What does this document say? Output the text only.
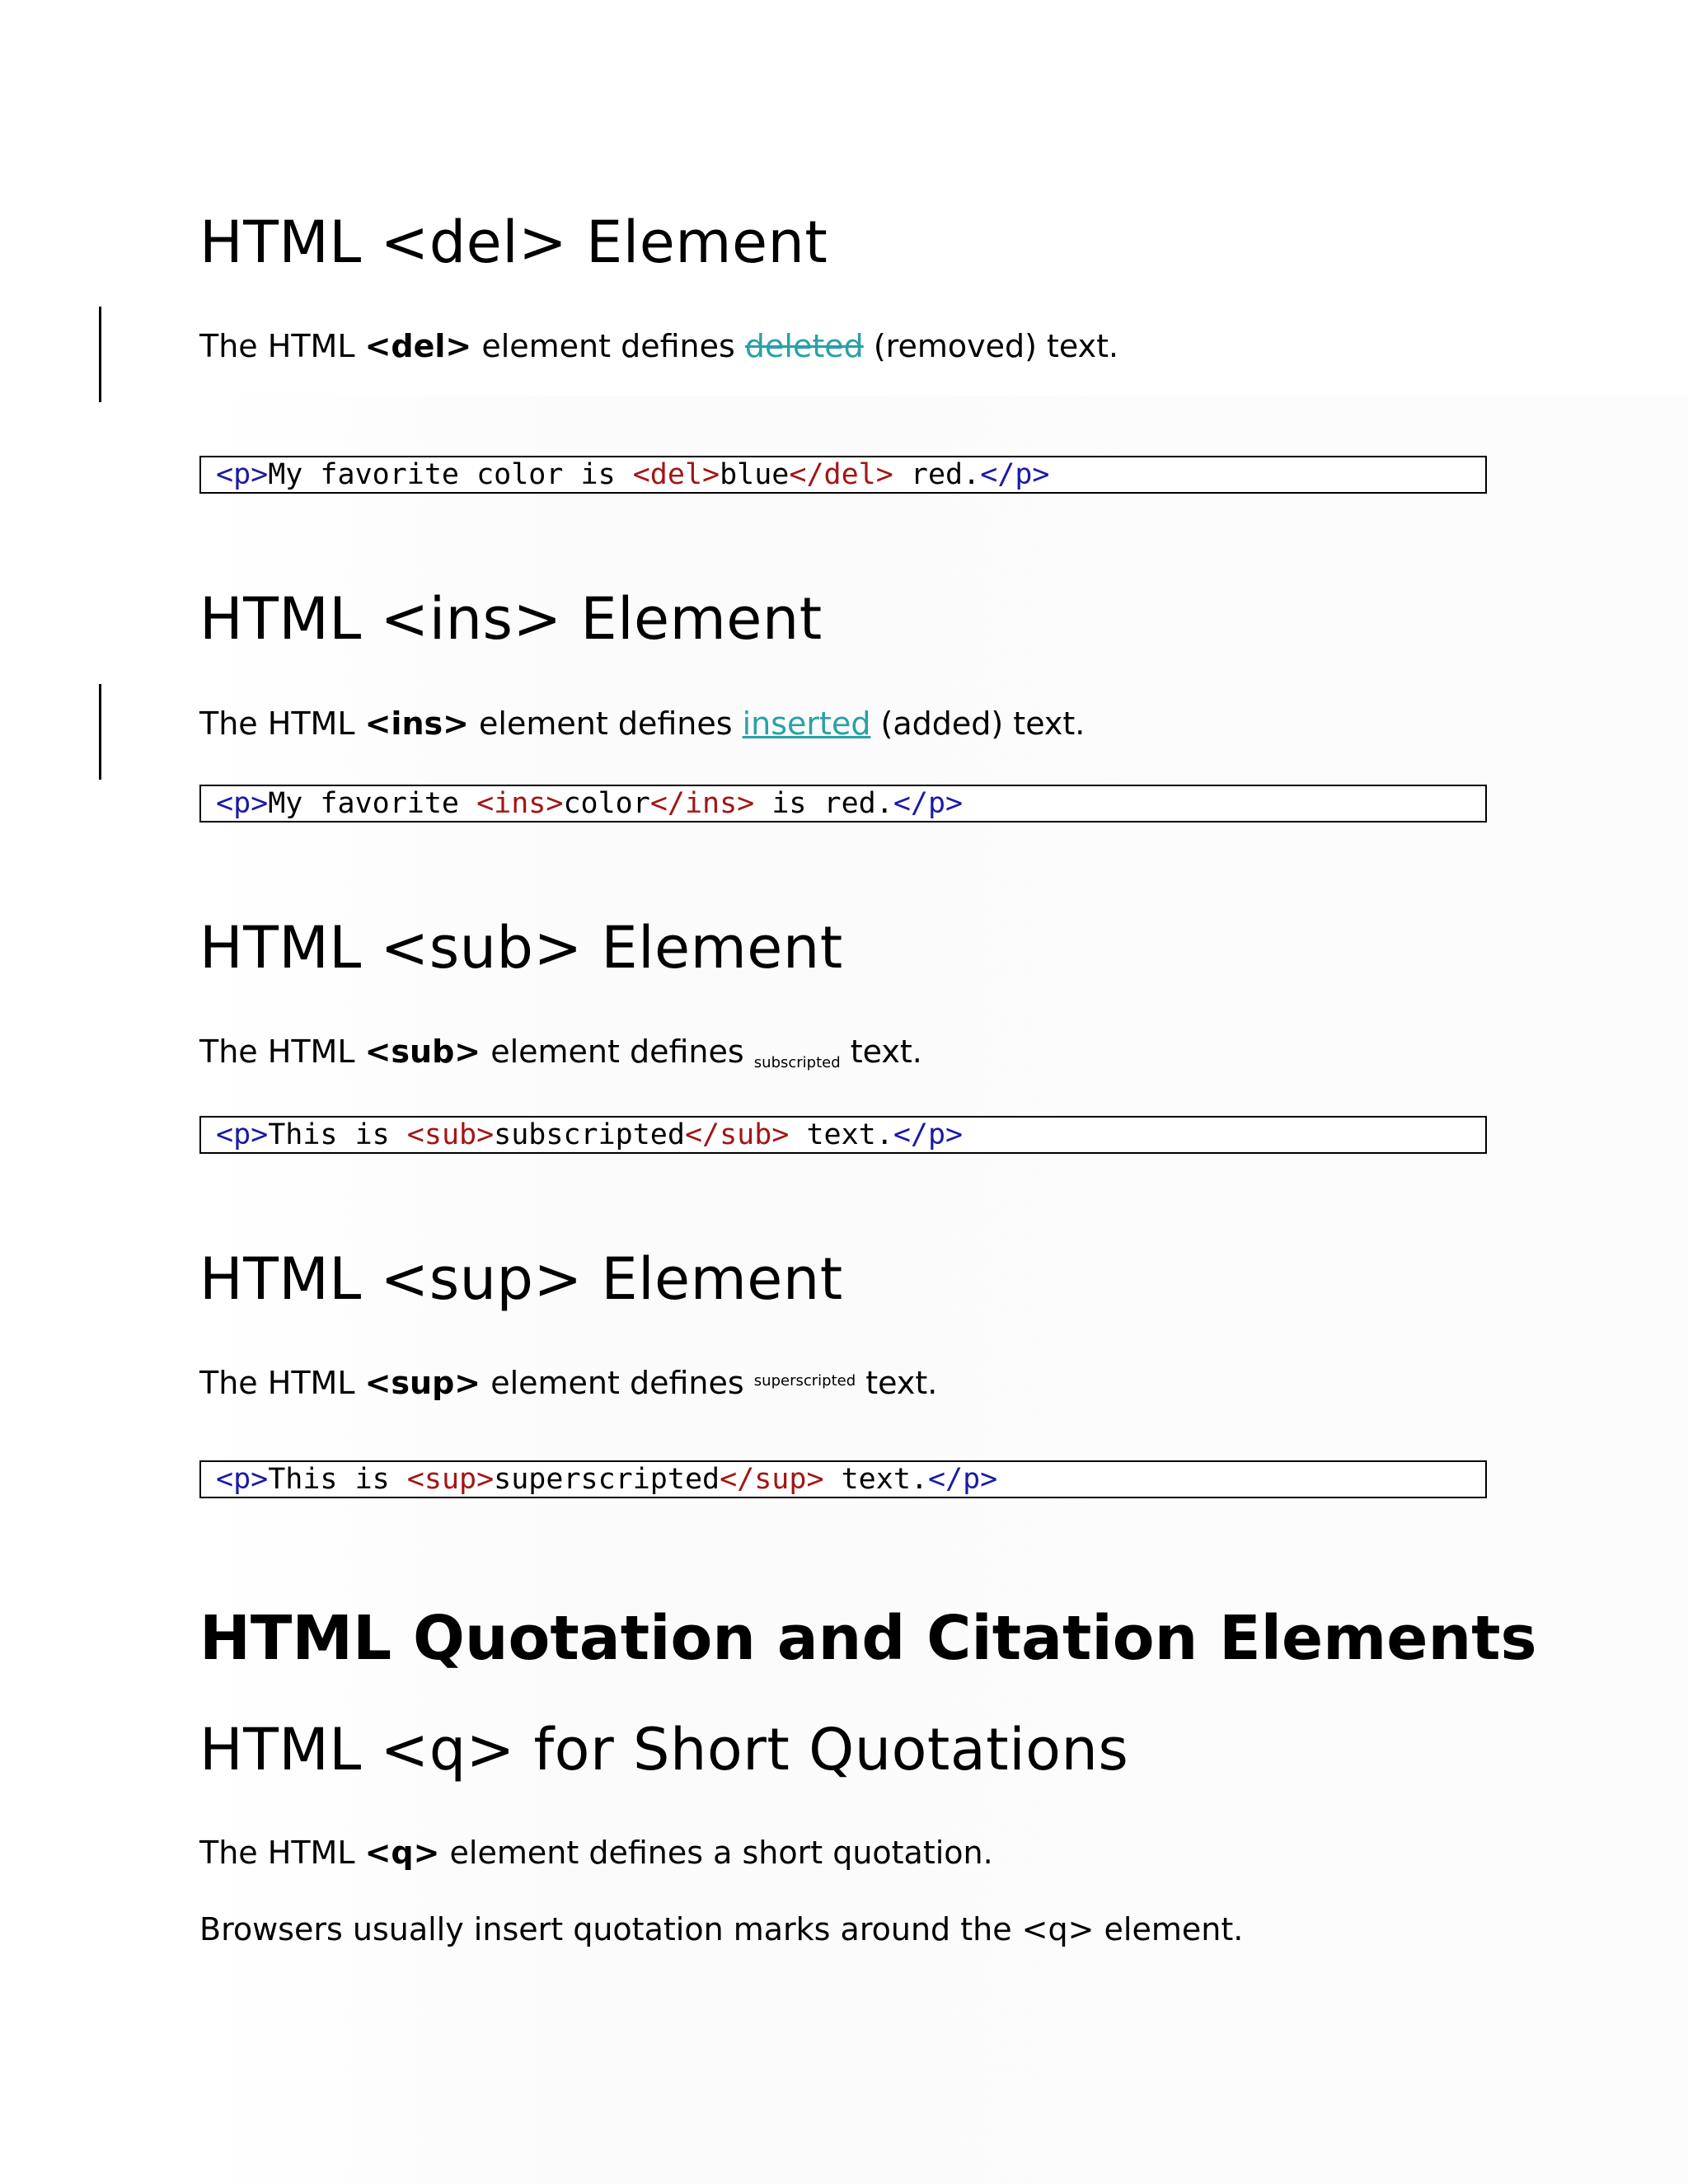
HTML <del> Element

The HTML <del> element defines deleted (removed) text.

<p>My favorite color is <del>blue</del> red.</p>
HTML <ins> Element

The HTML <ins> element defines inserted (added) text.

<p>My favorite <ins>color</ins> is red.</p>
HTML <sub> Element

The HTML <sub> element defines subscripted text.

<p>This is <sub>subscripted</sub> text.</p>
HTML <sup> Element

The HTML <sup> element defines $^{superscripted}$ text.

<p>This is <sup>superscripted</sup> text.</p>
HTML Quotation and Citation Elements
HTML <q> for Short Quotations

The HTML <q> element defines a short quotation.

Browsers usually insert quotation marks around the <q> element.
